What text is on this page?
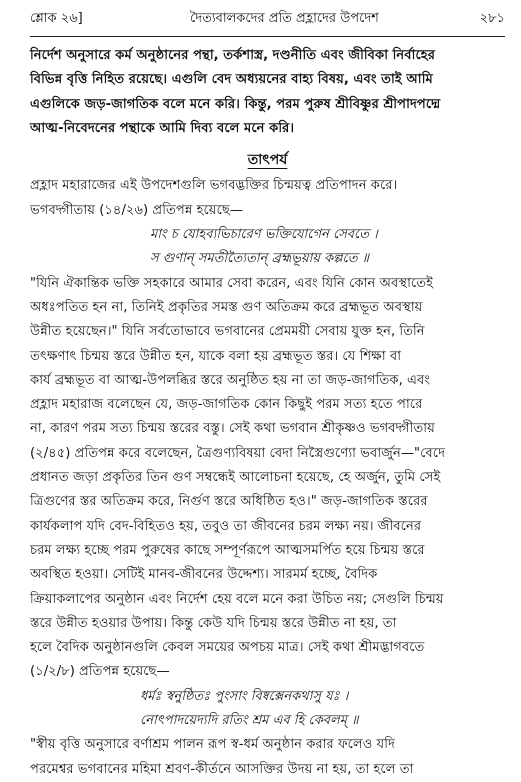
শ্লোক ২৬]	দৈত্যবালকদের প্রতি প্রহ্লাদের উপদেশ	২৮১
নির্দেশ অনুসারে কর্ম অনুষ্ঠানের পন্থা, তর্কশাস্ত্র, দণ্ডনীতি এবং জীবিকা নির্বাহের
বিভিন্ন বৃত্তি নিহিত রয়েছে। এগুলি বেদ অধ্যয়নের বাহ্য বিষয়, এবং তাই আমি
এগুলিকে জড়-জাগতিক বলে মনে করি। কিন্তু, পরম পুরুষ শ্রীবিষ্ণুর শ্রীপাদপদ্মে
আত্ম-নিবেদনের পন্থাকে আমি দিব্য বলে মনে করি।
তাৎপর্য
প্রহ্লাদ মহারাজের এই উপদেশগুলি ভগবদ্ভক্তির চিন্ময়ত্ব প্রতিপাদন করে।
ভগবদ্গীতায় (১৪/২৬) প্রতিপন্ন হয়েছে—
মাং চ যোহব্যভিচারেণ ভক্তিযোগেন সেবতে ।
স গুণান্ সমতীত্যৈতান্ ব্রহ্মভূয়ায় কল্পতে ॥
"যিনি ঐকান্তিক ভক্তি সহকারে আমার সেবা করেন, এবং যিনি কোন অবস্থাতেই
অধঃপতিত হন না, তিনিই প্রকৃতির সমস্ত গুণ অতিক্রম করে ব্রহ্মভূত অবস্থায়
উন্নীত হয়েছেন।" যিনি সর্বতোভাবে ভগবানের প্রেমময়ী সেবায় যুক্ত হন, তিনি
তৎক্ষণাৎ চিন্ময় স্তরে উন্নীত হন, যাকে বলা হয় ব্রহ্মভূত স্তর। যে শিক্ষা বা
কার্য ব্রহ্মভূত বা আত্ম-উপলব্ধির স্তরে অনুষ্ঠিত হয় না তা জড়-জাগতিক, এবং
প্রহ্লাদ মহারাজ বলেছেন যে, জড়-জাগতিক কোন কিছুই পরম সত্য হতে পারে
না, কারণ পরম সত্য চিন্ময় স্তরের বস্তু। সেই কথা ভগবান শ্রীকৃষ্ণও ভগবদ্গীতায়
(২/৪৫) প্রতিপন্ন করে বলেছেন, ত্রৈগুণ্যবিষয়া বেদা নিস্ত্রৈগুণ্যো ভবার্জুন—"বেদে
প্রধানত জড়া প্রকৃতির তিন গুণ সম্বন্ধেই আলোচনা হয়েছে, হে অর্জুন, তুমি সেই
ত্রিগুণের স্তর অতিক্রম করে, নির্গুণ স্তরে অধিষ্ঠিত হও।" জড়-জাগতিক স্তরের
কার্যকলাপ যদি বেদ-বিহিতও হয়, তবুও তা জীবনের চরম লক্ষ্য নয়। জীবনের
চরম লক্ষ্য হচ্ছে পরম পুরুষের কাছে সম্পূর্ণরূপে আত্মসমর্পিত হয়ে চিন্ময় স্তরে
অবস্থিত হওয়া। সেটিই মানব-জীবনের উদ্দেশ্য। সারমর্ম হচ্ছে, বৈদিক
ক্রিয়াকলাপের অনুষ্ঠান এবং নির্দেশ হেয় বলে মনে করা উচিত নয়; সেগুলি চিন্ময়
স্তরে উন্নীত হওয়ার উপায়। কিন্তু কেউ যদি চিন্ময় স্তরে উন্নীত না হয়, তা
হলে বৈদিক অনুষ্ঠানগুলি কেবল সময়ের অপচয় মাত্র। সেই কথা শ্রীমদ্ভাগবতে
(১/২/৮) প্রতিপন্ন হয়েছে—
ধর্মঃ স্বনুষ্ঠিতঃ পুংসাং বিষ্বক্সেনকথাসু যঃ ।
নোৎপাদয়েদ্যদি রতিং শ্রম এব হি কেবলম্ ॥
"স্বীয় বৃত্তি অনুসারে বর্ণাশ্রম পালন রূপ স্ব-ধর্ম অনুষ্ঠান করার ফলেও যদি
পরমেশ্বর ভগবানের মহিমা শ্রবণ-কীর্তনে আসক্তির উদয় না হয়, তা হলে তা
